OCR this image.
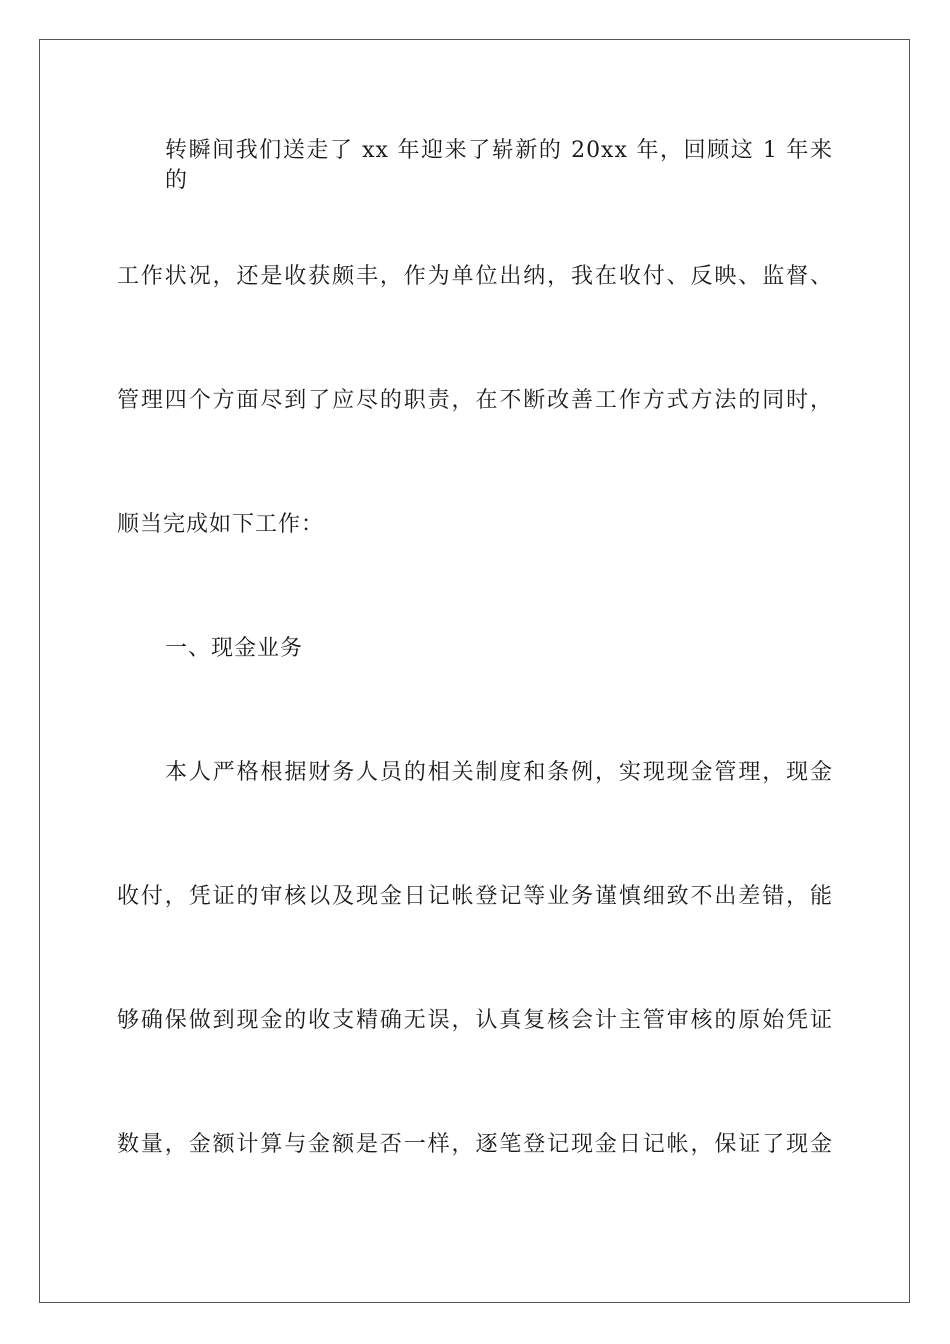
转瞬间我们送走了 xx 年迎来了崭新的 20xx 年，回顾这 1 年来的
工作状况，还是收获颇丰，作为单位出纳，我在收付、反映、监督、
管理四个方面尽到了应尽的职责，在不断改善工作方式方法的同时，
顺当完成如下工作：
一、现金业务
本人严格根据财务人员的相关制度和条例，实现现金管理，现金
收付，凭证的审核以及现金日记帐登记等业务谨慎细致不出差错，能
够确保做到现金的收支精确无误，认真复核会计主管审核的原始凭证
数量，金额计算与金额是否一样，逐笔登记现金日记帐，保证了现金
